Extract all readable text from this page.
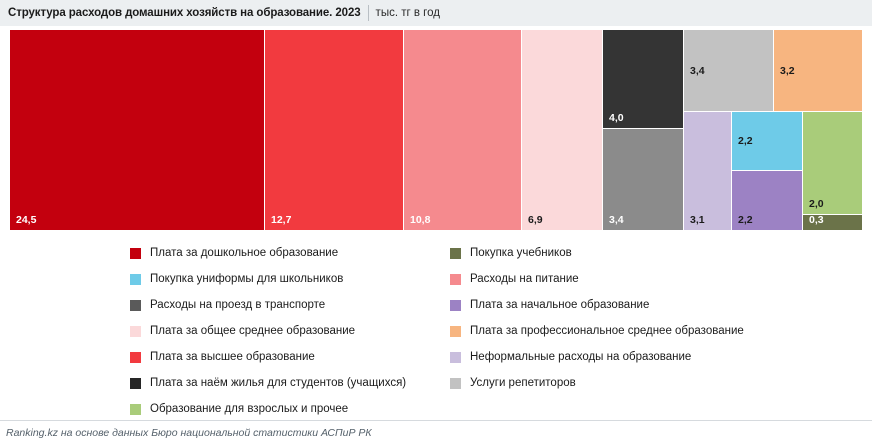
Структура расходов домашних хозяйств на образование. 2023 тыс. тг в год
24,5	12,7	10,8	6,9
4,0
3,4
3,4	3,2
3,1
2,2
2,2
2,0
0,3
Плата за дошкольное образование
Покупка униформы для школьников
Расходы на проезд в транспорте
Плата за общее среднее образование
Плата за высшее образование
Плата за наём жилья для студентов (учащихся)
Образование для взрослых и прочее
Покупка учебников
Расходы на питание
Плата за начальное образование
Плата за профессиональное среднее образование
Неформальные расходы на образование
Услуги репетиторов
Ranking.kz на основе данных Бюро национальной статистики АСПиР РК
